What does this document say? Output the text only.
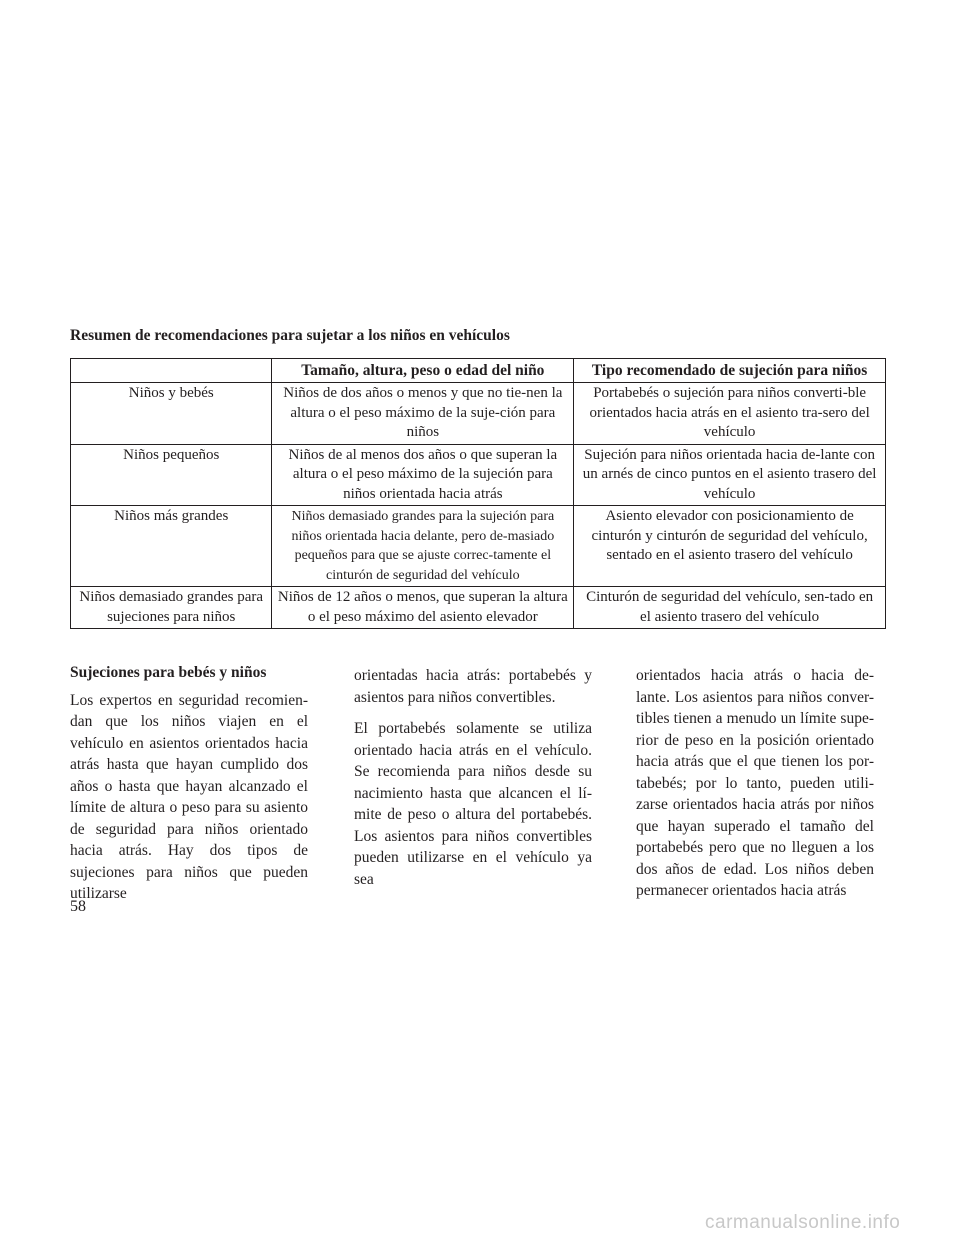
Resumen de recomendaciones para sujetar a los niños en vehículos
	Tamaño, altura, peso o edad del niño	Tipo recomendado de sujeción para niños
Niños y bebés	Niños de dos años o menos y que no tie-nen la altura o el peso máximo de la suje-ción para niños	Portabebés o sujeción para niños converti-ble orientados hacia atrás en el asiento tra-sero del vehículo
Niños pequeños	Niños de al menos dos años o que superan la altura o el peso máximo de la sujeción para niños orientada hacia atrás	Sujeción para niños orientada hacia de-lante con un arnés de cinco puntos en el asiento trasero del vehículo
Niños más grandes	Niños demasiado grandes para la sujeción para niños orientada hacia delante, pero de-masiado pequeños para que se ajuste correc-tamente el cinturón de seguridad del vehículo	Asiento elevador con posicionamiento de cinturón y cinturón de seguridad del vehículo, sentado en el asiento trasero del vehículo
Niños demasiado grandes para sujeciones para niños	Niños de 12 años o menos, que superan la altura o el peso máximo del asiento elevador	Cinturón de seguridad del vehículo, sen-tado en el asiento trasero del vehículo

Sujeciones para bebés y niños

Los expertos en seguridad recomien-dan que los niños viajen en el vehículo en asientos orientados hacia atrás hasta que hayan cumplido dos años o hasta que hayan alcanzado el límite de altura o peso para su asiento de seguridad para niños orientado hacia atrás. Hay dos tipos de sujeciones para niños que pueden utilizarse

orientadas hacia atrás: portabebés y asientos para niños convertibles.

El portabebés solamente se utiliza orientado hacia atrás en el vehículo. Se recomienda para niños desde su nacimiento hasta que alcancen el lí-mite de peso o altura del portabebés. Los asientos para niños convertibles pueden utilizarse en el vehículo ya sea

orientados hacia atrás o hacia de-lante. Los asientos para niños conver-tibles tienen a menudo un límite supe-rior de peso en la posición orientado hacia atrás que el que tienen los por-tabebés; por lo tanto, pueden utili-zarse orientados hacia atrás por niños que hayan superado el tamaño del portabebés pero que no lleguen a los dos años de edad. Los niños deben permanecer orientados hacia atrás

58
carmanualsonline.info
